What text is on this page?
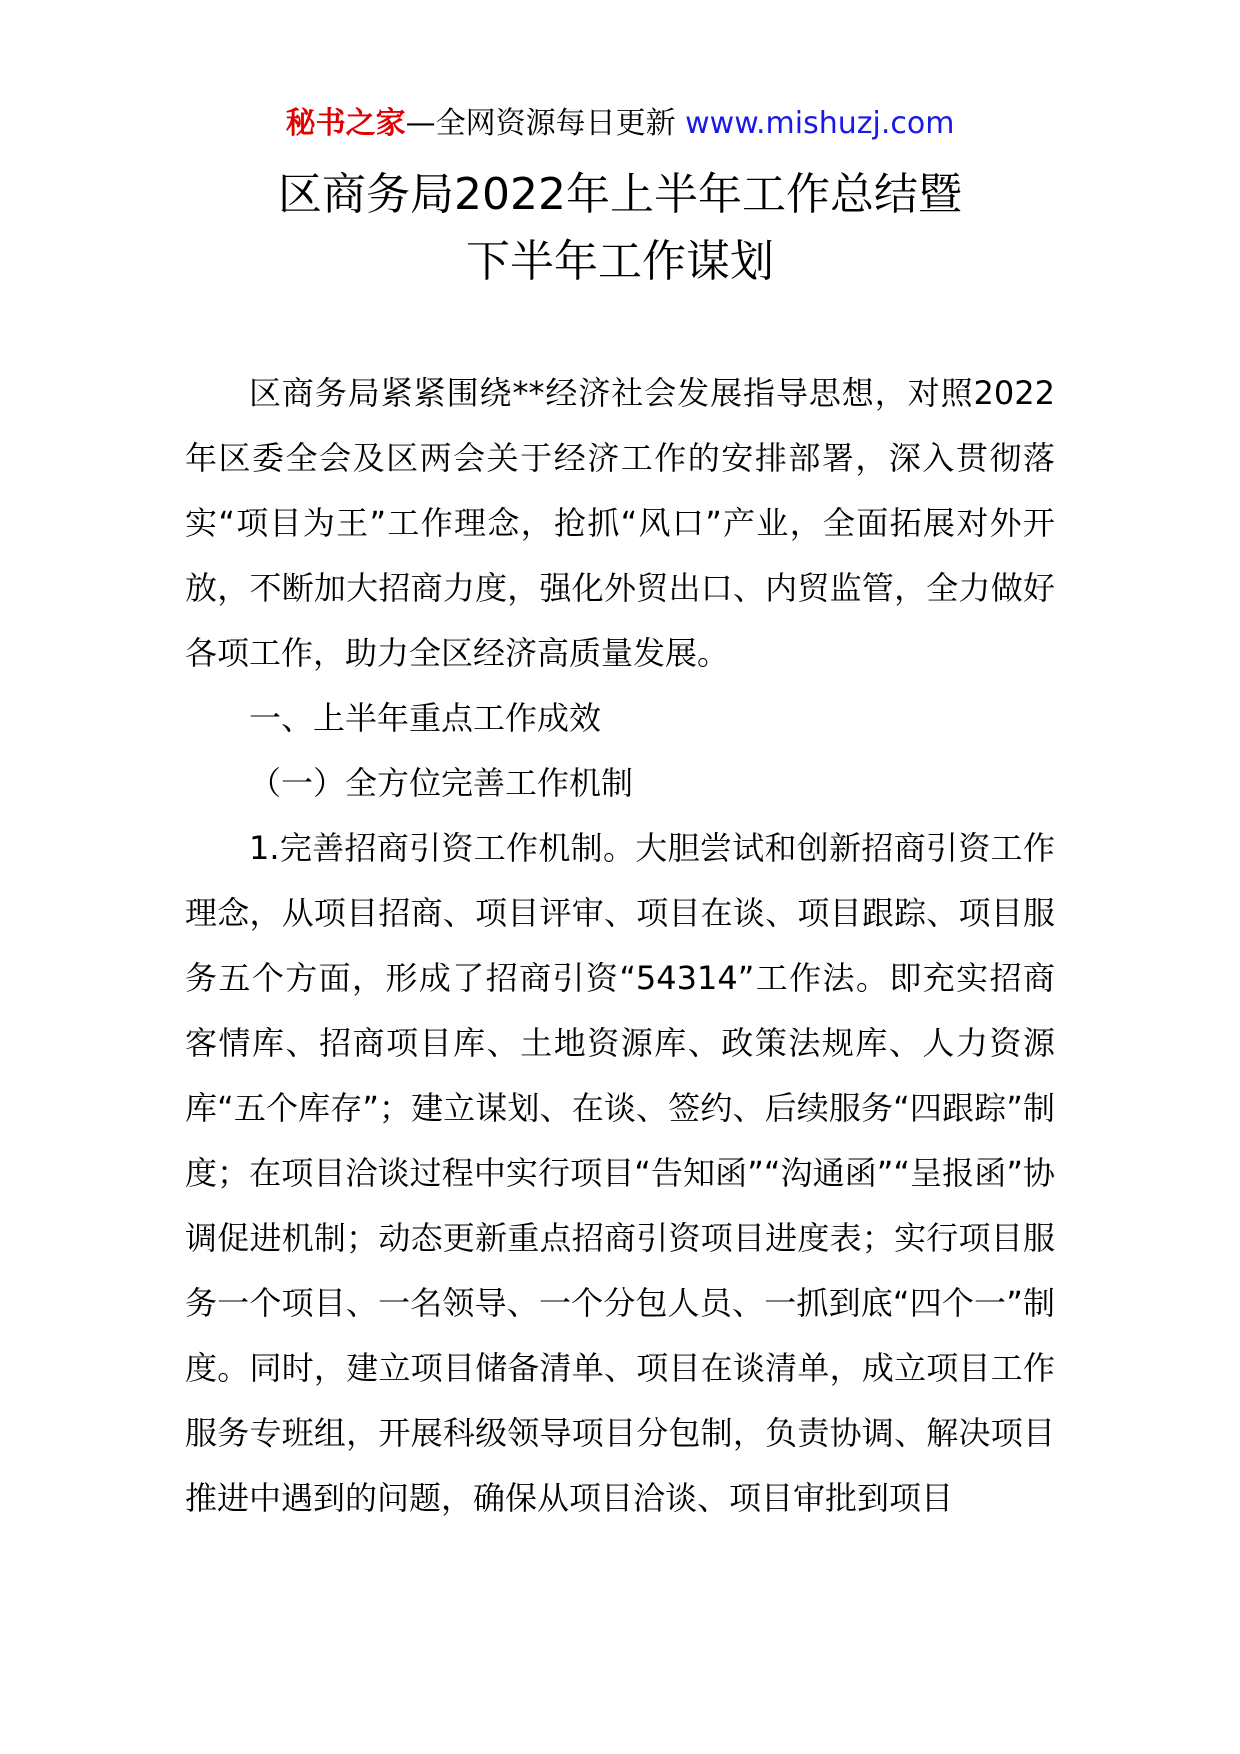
秘书之家—全网资源每日更新 www.mishuzj.com
区商务局2022年上半年工作总结暨
下半年工作谋划

区商务局紧紧围绕**经济社会发展指导思想，对照2022年区委全会及区两会关于经济工作的安排部署，深入贯彻落实“项目为王”工作理念，抢抓“风口”产业，全面拓展对外开放，不断加大招商力度，强化外贸出口、内贸监管，全力做好各项工作，助力全区经济高质量发展。

一、上半年重点工作成效

（一）全方位完善工作机制

1.完善招商引资工作机制。大胆尝试和创新招商引资工作理念，从项目招商、项目评审、项目在谈、项目跟踪、项目服务五个方面，形成了招商引资“54314”工作法。即充实招商客情库、招商项目库、土地资源库、政策法规库、人力资源库“五个库存”；建立谋划、在谈、签约、后续服务“四跟踪”制度；在项目洽谈过程中实行项目“告知函”“沟通函”“呈报函”协调促进机制；动态更新重点招商引资项目进度表；实行项目服务一个项目、一名领导、一个分包人员、一抓到底“四个一”制度。同时，建立项目储备清单、项目在谈清单，成立项目工作服务专班组，开展科级领导项目分包制，负责协调、解决项目推进中遇到的问题，确保从项目洽谈、项目审批到项目
